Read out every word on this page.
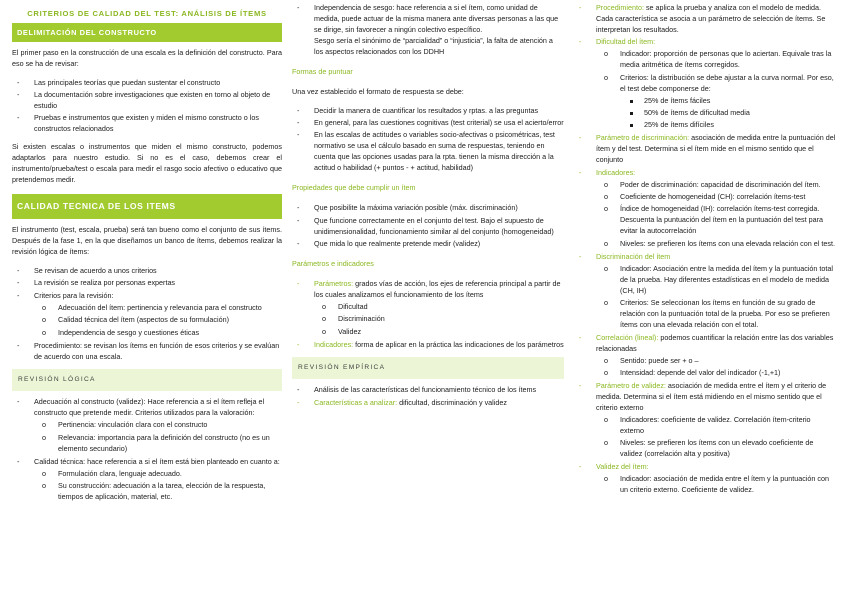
CRITERIOS DE CALIDAD DEL TEST: ANÁLISIS DE ÍTEMS
DELIMITACIÓN DEL CONSTRUCTO

El primer paso en la construcción de una escala es la definición del constructo. Para eso se ha de revisar:

- Las principales teorías que puedan sustentar el constructo
- La documentación sobre investigaciones que existen en torno al objeto de estudio
- Pruebas e instrumentos que existen y miden el mismo constructo o los constructos relacionados

Si existen escalas o instrumentos que miden el mismo constructo, podemos adaptarlos para nuestro estudio. Si no es el caso, debemos crear el instrumento/prueba/test o escala para medir el rasgo socio afectivo o educativo que pretendemos medir.

CALIDAD TECNICA DE LOS ITEMS

El instrumento (test, escala, prueba) será tan bueno como el conjunto de sus ítems. Después de la fase 1, en la que diseñamos un banco de ítems, debemos realizar la revisión lógica de ítems:

- Se revisan de acuerdo a unos criterios
- La revisión se realiza por personas expertas
- Criterios para la revisión:
o Adecuación del ítem: pertinencia y relevancia para el constructo
o Calidad técnica del ítem (aspectos de su formulación)
o Independencia de sesgo y cuestiones éticas
- Procedimiento: se revisan los ítems en función de esos criterios y se evalúan de acuerdo con una escala.
REVISIÓN LÓGICA
- Adecuación al constructo (validez): Hace referencia a si el ítem refleja el constructo que pretende medir. Criterios utilizados para la valoración:
o Pertinencia: vinculación clara con el constructo
o Relevancia: importancia para la definición del constructo (no es un elemento secundario)
- Calidad técnica: hace referencia a si el ítem está bien planteado en cuanto a:
o Formulación clara, lenguaje adecuado.
o Su construcción: adecuación a la tarea, elección de la respuesta, tiempos de aplicación, material, etc.
- Independencia de sesgo: hace referencia a si el ítem, como unidad de medida, puede actuar de la misma manera ante diversas personas a las que se dirige, sin favorecer a ningún colectivo específico.
Sesgo sería el sinónimo de “parcialidad” o “injusticia”, la falta de atención a los aspectos relacionados con los DDHH
Formas de puntuar

Una vez establecido el formato de respuesta se debe:

- Decidir la manera de cuantificar los resultados y rptas. a las preguntas
- En general, para las cuestiones cognitivas (test criterial) se usa el acierto/error
- En las escalas de actitudes o variables socio-afectivas o psicométricas, test normativo se usa el cálculo basado en suma de respuestas, teniendo en cuenta que las opciones usadas para la rpta. tienen la misma dirección a la actitud o habilidad (+ puntos - + actitud, habilidad)
Propiedades que debe cumplir un ítem
- Que posibilite la máxima variación posible (máx. discriminación)
- Que funcione correctamente en el conjunto del test. Bajo el supuesto de unidimensionalidad, funcionamiento similar al del conjunto (homogeneidad)
- Que mida lo que realmente pretende medir (validez)
Parámetros e indicadores
- Parámetros: grados vías de acción, los ejes de referencia principal a partir de los cuales analizamos el funcionamiento de los ítems
o Dificultad
o Discriminación
o Validez
- Indicadores: forma de aplicar en la práctica las indicaciones de los parámetros
REVISIÓN EMPÍRICA
- Análisis de las características del funcionamiento técnico de los ítems
- Características a analizar: dificultad, discriminación y validez
- Procedimiento: se aplica la prueba y analiza con el modelo de medida. Cada característica se asocia a un parámetro de selección de ítems. Se interpretan los resultados.
- Dificultad del ítem:
o Indicador: proporción de personas que lo aciertan. Equivale tras la media aritmética de ítems corregidos.
o Criterios: la distribución se debe ajustar a la curva normal. Por eso, el test debe componerse de:
25% de ítems fáciles
50% de ítems de dificultad media
25% de ítems difíciles
- Parámetro de discriminación: asociación de medida entre la puntuación del ítem y del test. Determina si el ítem mide en el mismo sentido que el conjunto
- Indicadores:
o Poder de discriminación: capacidad de discriminación del ítem.
o Coeficiente de homogeneidad (CH): correlación ítems-test
o Índice de homogeneidad (IH): correlación ítems-test corregida. Descuenta la puntuación del ítem en la puntuación del test para evitar la autocorrelación
o Niveles: se prefieren los ítems con una elevada relación con el test.
- Discriminación del ítem
o Indicador: Asociación entre la medida del ítem y la puntuación total de la prueba. Hay diferentes estadísticas en el modelo de medida (CH, IH)
o Criterios: Se seleccionan los ítems en función de su grado de relación con la puntuación total de la prueba. Por eso se prefieren ítems con una elevada relación con el total.
- Correlación (lineal): podemos cuantificar la relación entre las dos variables relacionadas
o Sentido: puede ser + o –
o Intensidad: depende del valor del indicador (-1,+1)
- Parámetro de validez: asociación de medida entre el ítem y el criterio de medida. Determina si el ítem está midiendo en el mismo sentido que el criterio externo
o Indicadores: coeficiente de validez. Correlación ítem-criterio externo
o Niveles: se prefieren los ítems con un elevado coeficiente de validez (correlación alta y positiva)
- Validez del ítem:
o Indicador: asociación de medida entre el ítem y la puntuación con un criterio externo. Coeficiente de validez.
